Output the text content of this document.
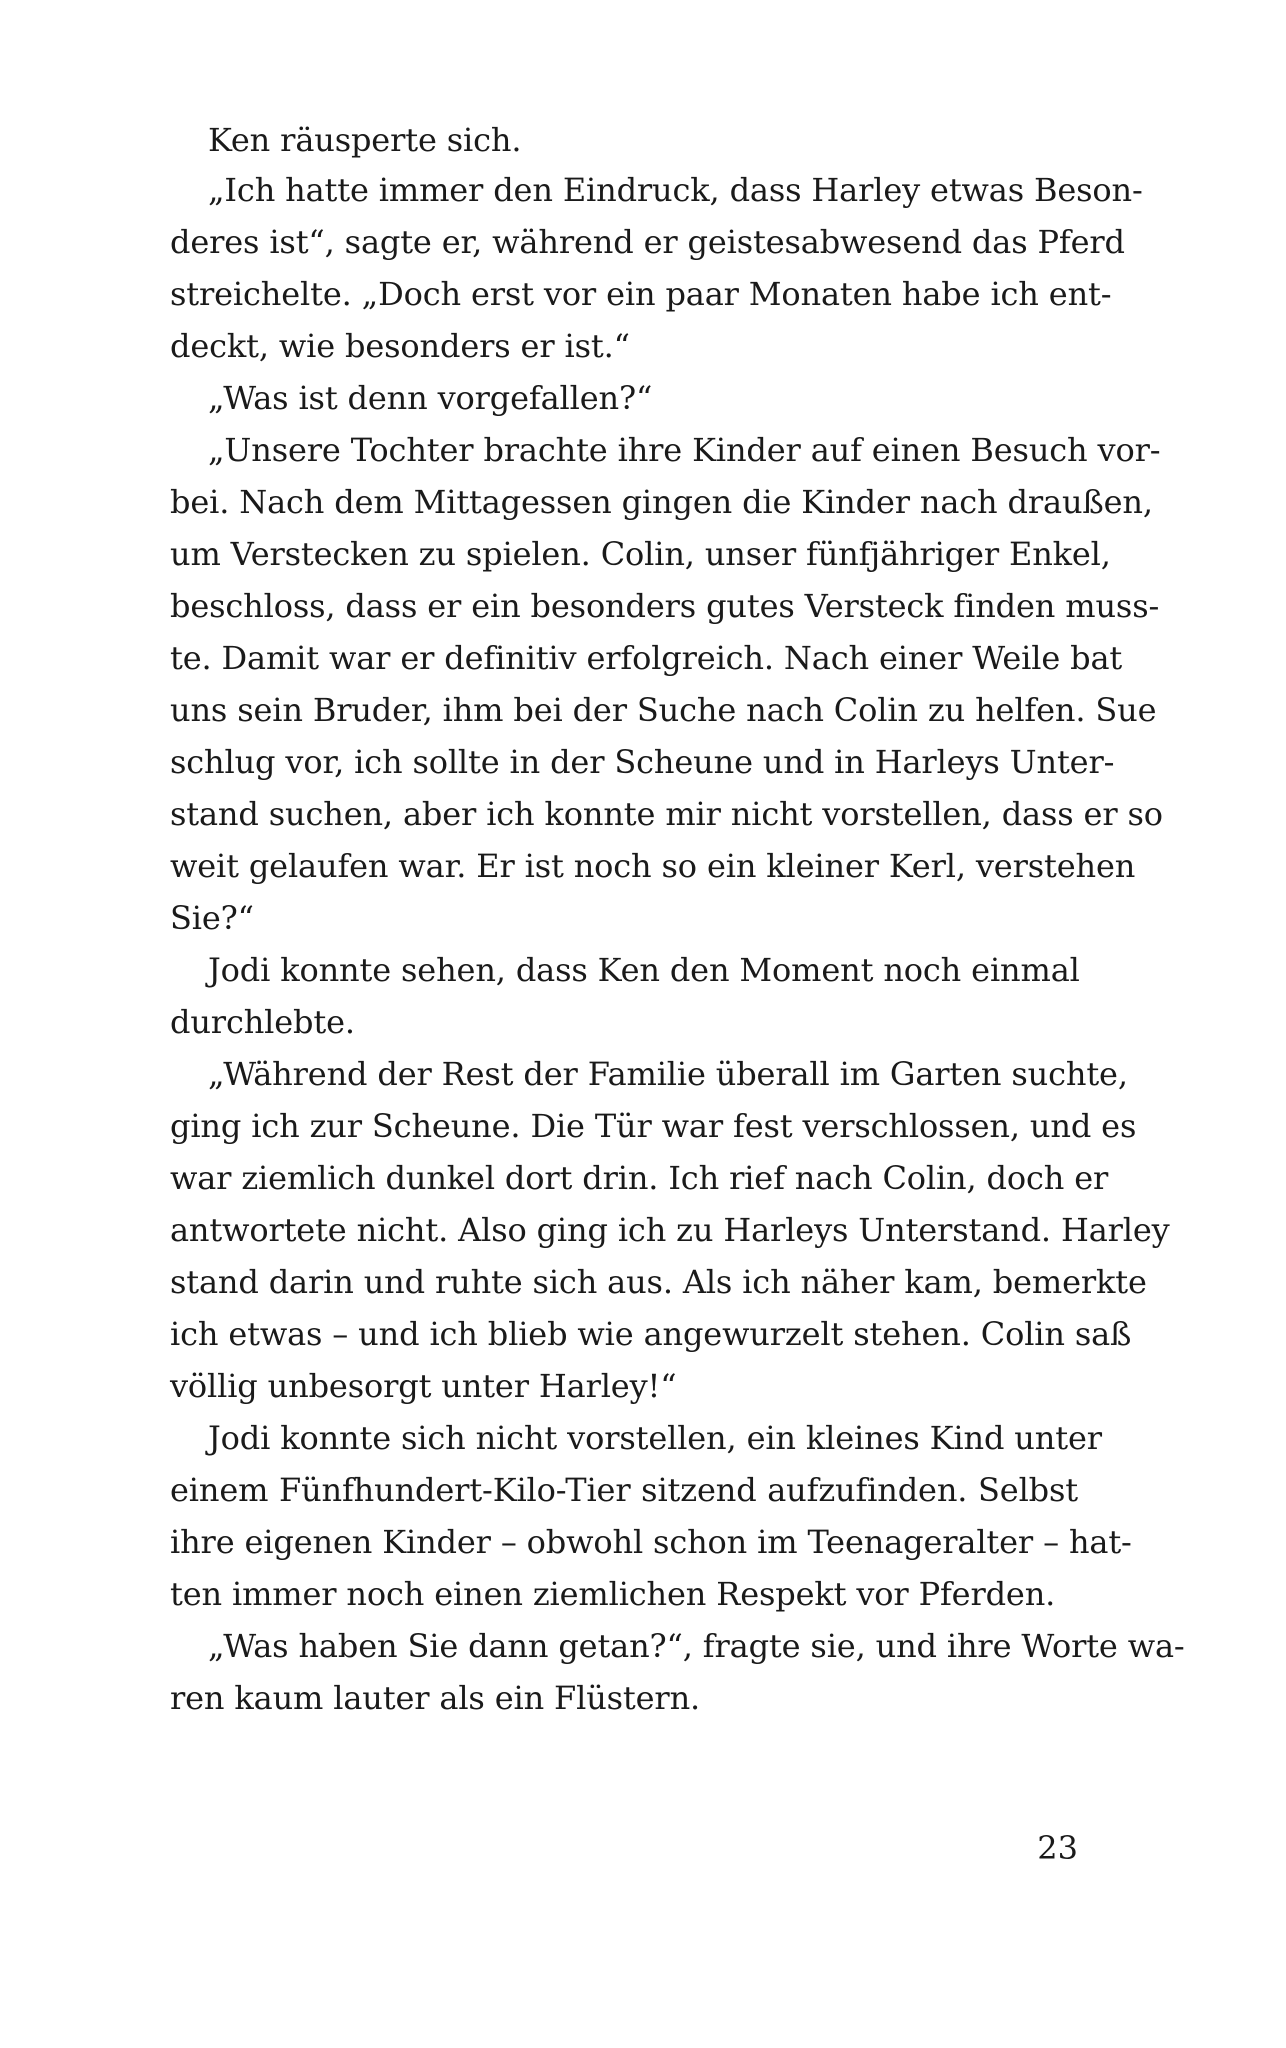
Ken räusperte sich.
„Ich hatte immer den Eindruck, dass Harley etwas Beson-
deres ist“, sagte er, während er geistesabwesend das Pferd
streichelte. „Doch erst vor ein paar Monaten habe ich ent-
deckt, wie besonders er ist.“
„Was ist denn vorgefallen?“
„Unsere Tochter brachte ihre Kinder auf einen Besuch vor-
bei. Nach dem Mittagessen gingen die Kinder nach draußen,
um Verstecken zu spielen. Colin, unser fünfjähriger Enkel,
beschloss, dass er ein besonders gutes Versteck finden muss-
te. Damit war er definitiv erfolgreich. Nach einer Weile bat
uns sein Bruder, ihm bei der Suche nach Colin zu helfen. Sue
schlug vor, ich sollte in der Scheune und in Harleys Unter-
stand suchen, aber ich konnte mir nicht vorstellen, dass er so
weit gelaufen war. Er ist noch so ein kleiner Kerl, verstehen
Sie?“
Jodi konnte sehen, dass Ken den Moment noch einmal
durchlebte.
„Während der Rest der Familie überall im Garten suchte,
ging ich zur Scheune. Die Tür war fest verschlossen, und es
war ziemlich dunkel dort drin. Ich rief nach Colin, doch er
antwortete nicht. Also ging ich zu Harleys Unterstand. Harley
stand darin und ruhte sich aus. Als ich näher kam, bemerkte
ich etwas – und ich blieb wie angewurzelt stehen. Colin saß
völlig unbesorgt unter Harley!“
Jodi konnte sich nicht vorstellen, ein kleines Kind unter
einem Fünfhundert-Kilo-Tier sitzend aufzufinden. Selbst
ihre eigenen Kinder – obwohl schon im Teenageralter – hat-
ten immer noch einen ziemlichen Respekt vor Pferden.
„Was haben Sie dann getan?“, fragte sie, und ihre Worte wa-
ren kaum lauter als ein Flüstern.
23
